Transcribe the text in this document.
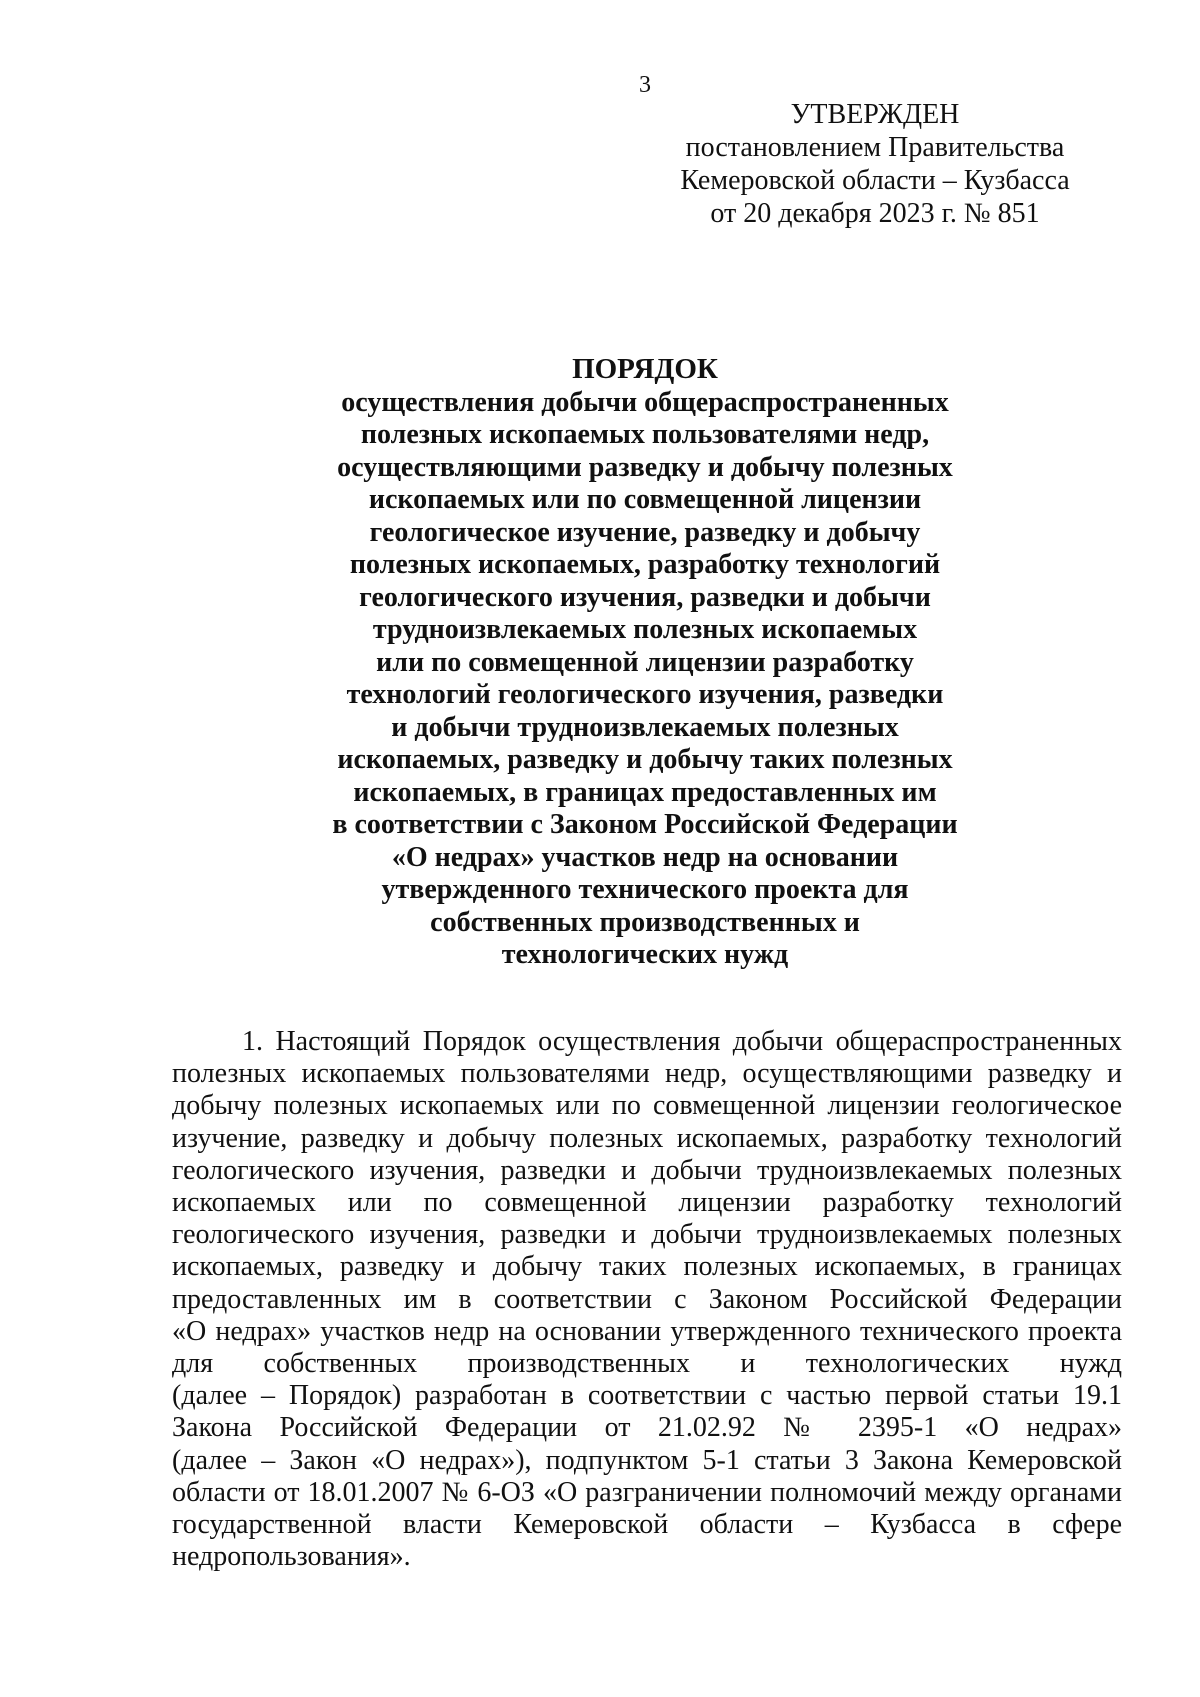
3
УТВЕРЖДЕН
постановлением Правительства
Кемеровской области – Кузбасса
от 20 декабря 2023 г. № 851
ПОРЯДОК
осуществления добычи общераспространенных
полезных ископаемых пользователями недр,
осуществляющими разведку и добычу полезных
ископаемых или по совмещенной лицензии
геологическое изучение, разведку и добычу
полезных ископаемых, разработку технологий
геологического изучения, разведки и добычи
трудноизвлекаемых полезных ископаемых
или по совмещенной лицензии разработку
технологий геологического изучения, разведки
и добычи трудноизвлекаемых полезных
ископаемых, разведку и добычу таких полезных
ископаемых, в границах предоставленных им
в соответствии с Законом Российской Федерации
«О недрах» участков недр на основании
утвержденного технического проекта для
собственных производственных и
технологических нужд
1. Настоящий Порядок осуществления добычи общераспространенных
полезных ископаемых пользователями недр, осуществляющими разведку и
добычу полезных ископаемых или по совмещенной лицензии геологическое
изучение, разведку и добычу полезных ископаемых, разработку технологий
геологического изучения, разведки и добычи трудноизвлекаемых полезных
ископаемых или по совмещенной лицензии разработку технологий
геологического изучения, разведки и добычи трудноизвлекаемых полезных
ископаемых, разведку и добычу таких полезных ископаемых, в границах
предоставленных им в соответствии с Законом Российской Федерации
«О недрах» участков недр на основании утвержденного технического проекта
для собственных производственных и технологических нужд
(далее – Порядок) разработан в соответствии с частью первой статьи 19.1
Закона Российской Федерации от 21.02.92 № 2395-1 «О недрах»
(далее – Закон «О недрах»), подпунктом 5-1 статьи 3 Закона Кемеровской
области от 18.01.2007 № 6-ОЗ «О разграничении полномочий между органами
государственной власти Кемеровской области – Кузбасса в сфере
недропользования».
